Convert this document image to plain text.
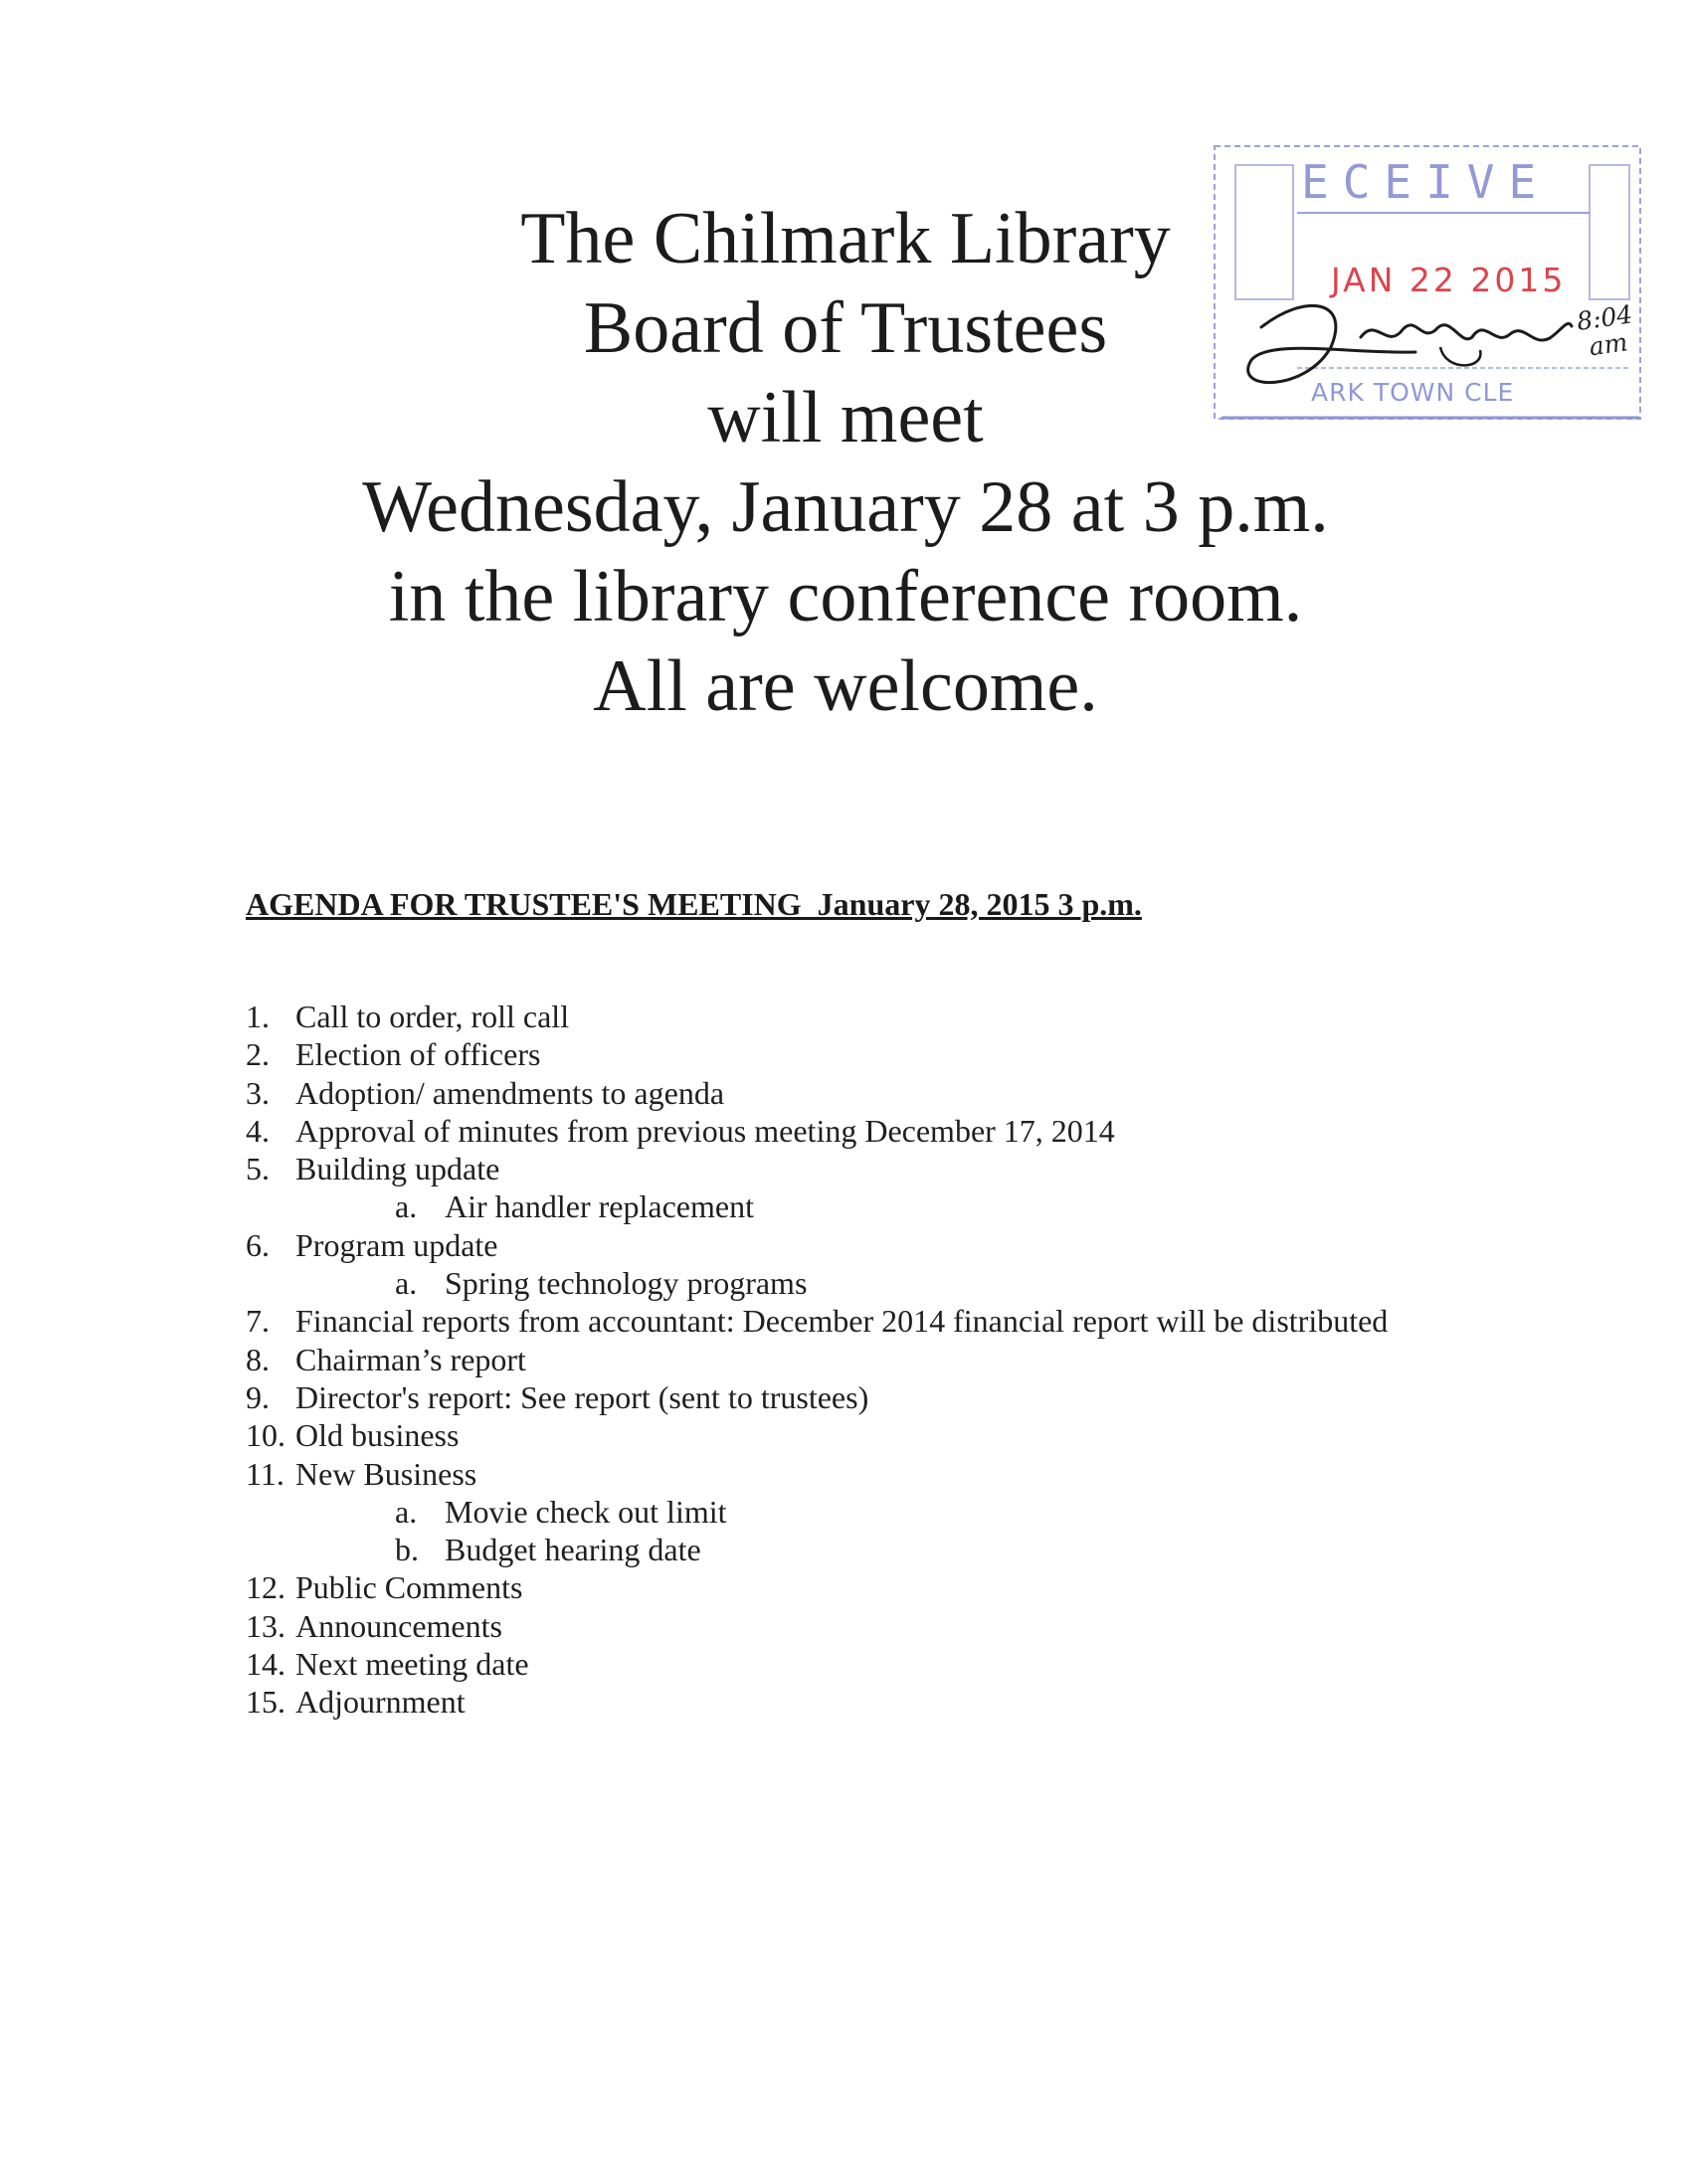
The Chilmark Library
Board of Trustees
will meet
Wednesday, January 28 at 3 p.m.
in the library conference room.
All are welcome.
ECEIVE
JAN 22 2015
ARK TOWN CLE
8:04
am
AGENDA FOR TRUSTEE'S MEETING  January 28, 2015 3 p.m.
1. Call to order, roll call
2. Election of officers
3. Adoption/ amendments to agenda
4. Approval of minutes from previous meeting December 17, 2014
5. Building update
a. Air handler replacement
6. Program update
a. Spring technology programs
7. Financial reports from accountant: December 2014 financial report will be distributed
8. Chairman’s report
9. Director's report: See report (sent to trustees)
10. Old business
11. New Business
a. Movie check out limit
b. Budget hearing date
12. Public Comments
13. Announcements
14. Next meeting date
15. Adjournment
